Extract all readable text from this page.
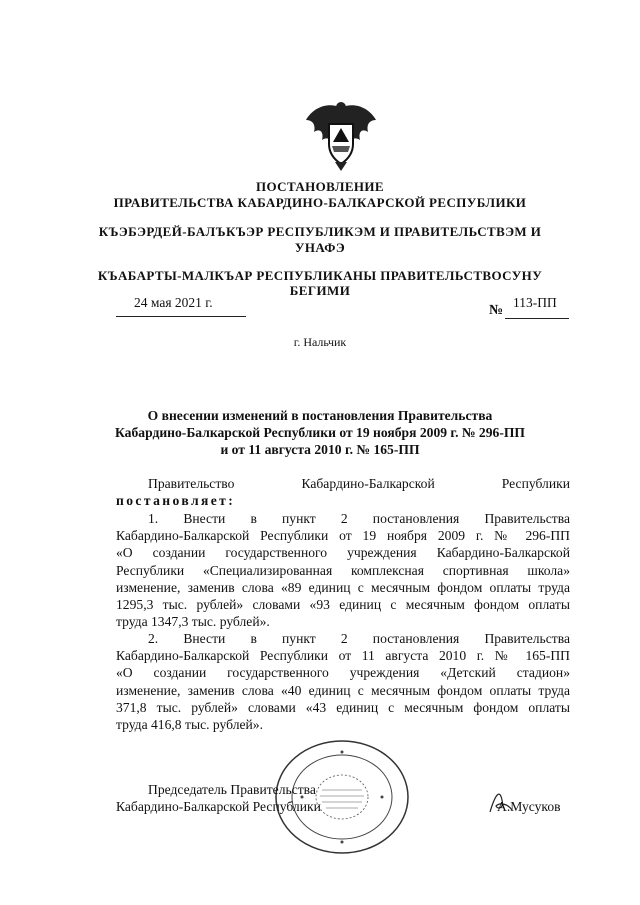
ПОСТАНОВЛЕНИЕ
ПРАВИТЕЛЬСТВА КАБАРДИНО-БАЛКАРСКОЙ РЕСПУБЛИКИ
КЪЭБЭРДЕЙ-БАЛЪКЪЭР РЕСПУБЛИКЭМ И ПРАВИТЕЛЬСТВЭМ И
УНАФЭ
КЪАБАРТЫ-МАЛКЪАР РЕСПУБЛИКАНЫ ПРАВИТЕЛЬСТВОСУНУ
БЕГИМИ
24 мая 2021 г.
№
113-ПП
г. Нальчик
О внесении изменений в постановления Правительства
Кабардино-Балкарской Республики от 19 ноября 2009 г. № 296-ПП
и от 11 августа 2010 г. № 165-ПП
Правительство Кабардино-Балкарской Республики
постановляет:
1. Внести в пункт 2 постановления Правительства
Кабардино-Балкарской Республики от 19 ноября 2009 г. № 296-ПП
«О создании государственного учреждения Кабардино-Балкарской
Республики «Специализированная комплексная спортивная школа»
изменение, заменив слова «89 единиц с месячным фондом оплаты труда
1295,3 тыс. рублей» словами «93 единиц с месячным фондом оплаты
труда 1347,3 тыс. рублей».
2. Внести в пункт 2 постановления Правительства
Кабардино-Балкарской Республики от 11 августа 2010 г. № 165-ПП
«О создании государственного учреждения «Детский стадион»
изменение, заменив слова «40 единиц с месячным фондом оплаты труда
371,8 тыс. рублей» словами «43 единиц с месячным фондом оплаты
труда 416,8 тыс. рублей».
Председатель Правительства
Кабардино-Балкарской Республики	А.Мусуков
